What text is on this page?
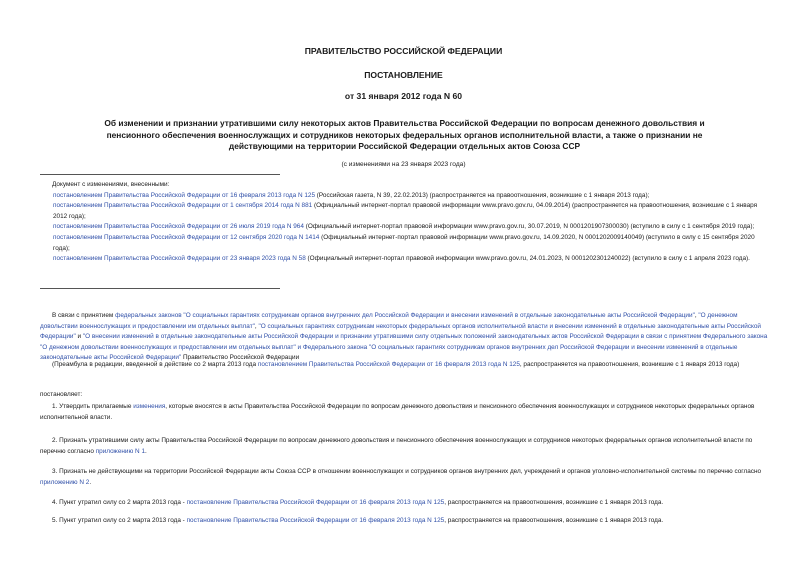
ПРАВИТЕЛЬСТВО РОССИЙСКОЙ ФЕДЕРАЦИИ
ПОСТАНОВЛЕНИЕ
от 31 января 2012 года N 60
Об изменении и признании утратившими силу некоторых актов Правительства Российской Федерации по вопросам денежного довольствия и пенсионного обеспечения военнослужащих и сотрудников некоторых федеральных органов исполнительной власти, а также о признании не действующими на территории Российской Федерации отдельных актов Союза ССР
(с изменениями на 23 января 2023 года)
Документ с изменениями, внесенными:
постановлением Правительства Российской Федерации от 16 февраля 2013 года N 125 (Российская газета, N 39, 22.02.2013) (распространяется на правоотношения, возникшие с 1 января 2013 года);
постановлением Правительства Российской Федерации от 1 сентября 2014 года N 881 (Официальный интернет-портал правовой информации www.pravo.gov.ru, 04.09.2014) (распространяется на правоотношения, возникшие с 1 января 2012 года);
постановлением Правительства Российской Федерации от 26 июля 2019 года N 964 (Официальный интернет-портал правовой информации www.pravo.gov.ru, 30.07.2019, N 0001201907300030) (вступило в силу с 1 сентября 2019 года);
постановлением Правительства Российской Федерации от 12 сентября 2020 года N 1414 (Официальный интернет-портал правовой информации www.pravo.gov.ru, 14.09.2020, N 0001202009140049) (вступило в силу с 15 сентября 2020 года);
постановлением Правительства Российской Федерации от 23 января 2023 года N 58 (Официальный интернет-портал правовой информации www.pravo.gov.ru, 24.01.2023, N 0001202301240022) (вступило в силу с 1 апреля 2023 года).
В связи с принятием федеральных законов "О социальных гарантиях сотрудникам органов внутренних дел Российской Федерации и внесении изменений в отдельные законодательные акты Российской Федерации", "О денежном довольствии военнослужащих и предоставлении им отдельных выплат", "О социальных гарантиях сотрудникам некоторых федеральных органов исполнительной власти и внесении изменений в отдельные законодательные акты Российской Федерации" и "О внесении изменений в отдельные законодательные акты Российской Федерации и признании утратившими силу отдельных положений законодательных актов Российской Федерации в связи с принятием Федерального закона "О денежном довольствии военнослужащих и предоставлении им отдельных выплат" и Федерального закона "О социальных гарантиях сотрудникам органов внутренних дел Российской Федерации и внесении изменений в отдельные законодательные акты Российской Федерации" Правительство Российской Федерации
(Преамбула в редакции, введенной в действие со 2 марта 2013 года постановлением Правительства Российской Федерации от 16 февраля 2013 года N 125, распространяется на правоотношения, возникшие с 1 января 2013 года)
постановляет:
1. Утвердить прилагаемые изменения, которые вносятся в акты Правительства Российской Федерации по вопросам денежного довольствия и пенсионного обеспечения военнослужащих и сотрудников некоторых федеральных органов исполнительной власти.
2. Признать утратившими силу акты Правительства Российской Федерации по вопросам денежного довольствия и пенсионного обеспечения военнослужащих и сотрудников некоторых федеральных органов исполнительной власти по перечню согласно приложению N 1.
3. Признать не действующими на территории Российской Федерации акты Союза ССР в отношении военнослужащих и сотрудников органов внутренних дел, учреждений и органов уголовно-исполнительной системы по перечню согласно приложению N 2.
4. Пункт утратил силу со 2 марта 2013 года - постановление Правительства Российской Федерации от 16 февраля 2013 года N 125, распространяется на правоотношения, возникшие с 1 января 2013 года.
5. Пункт утратил силу со 2 марта 2013 года - постановление Правительства Российской Федерации от 16 февраля 2013 года N 125, распространяется на правоотношения, возникшие с 1 января 2013 года.
